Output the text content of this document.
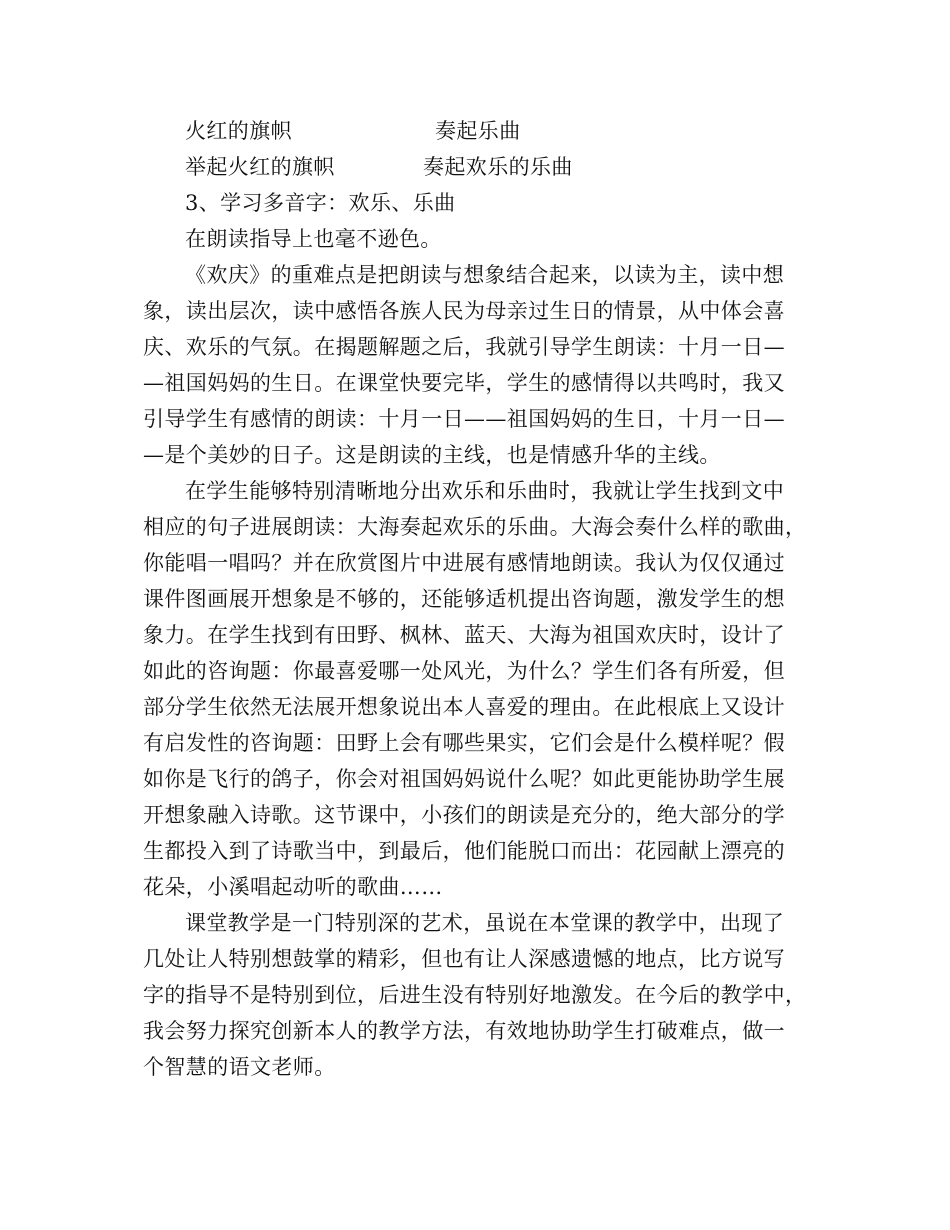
火红的旗帜	奏起乐曲
举起火红的旗帜	奏起欢乐的乐曲
3、学习多音字：欢乐、乐曲
在朗读指导上也毫不逊色。
《欢庆》的重难点是把朗读与想象结合起来，以读为主，读中想
象，读出层次，读中感悟各族人民为母亲过生日的情景，从中体会喜
庆、欢乐的气氛。在揭题解题之后，我就引导学生朗读：十月一日—
—祖国妈妈的生日。在课堂快要完毕，学生的感情得以共鸣时，我又
引导学生有感情的朗读：十月一日——祖国妈妈的生日，十月一日—
—是个美妙的日子。这是朗读的主线，也是情感升华的主线。
在学生能够特别清晰地分出欢乐和乐曲时，我就让学生找到文中
相应的句子进展朗读：大海奏起欢乐的乐曲。大海会奏什么样的歌曲，
你能唱一唱吗？并在欣赏图片中进展有感情地朗读。我认为仅仅通过
课件图画展开想象是不够的，还能够适机提出咨询题，激发学生的想
象力。在学生找到有田野、枫林、蓝天、大海为祖国欢庆时，设计了
如此的咨询题：你最喜爱哪一处风光，为什么？学生们各有所爱，但
部分学生依然无法展开想象说出本人喜爱的理由。在此根底上又设计
有启发性的咨询题：田野上会有哪些果实，它们会是什么模样呢？假
如你是飞行的鸽子，你会对祖国妈妈说什么呢？如此更能协助学生展
开想象融入诗歌。这节课中，小孩们的朗读是充分的，绝大部分的学
生都投入到了诗歌当中，到最后，他们能脱口而出：花园献上漂亮的
花朵，小溪唱起动听的歌曲……
课堂教学是一门特别深的艺术，虽说在本堂课的教学中，出现了
几处让人特别想鼓掌的精彩，但也有让人深感遗憾的地点，比方说写
字的指导不是特别到位，后进生没有特别好地激发。在今后的教学中，
我会努力探究创新本人的教学方法，有效地协助学生打破难点，做一
个智慧的语文老师。
